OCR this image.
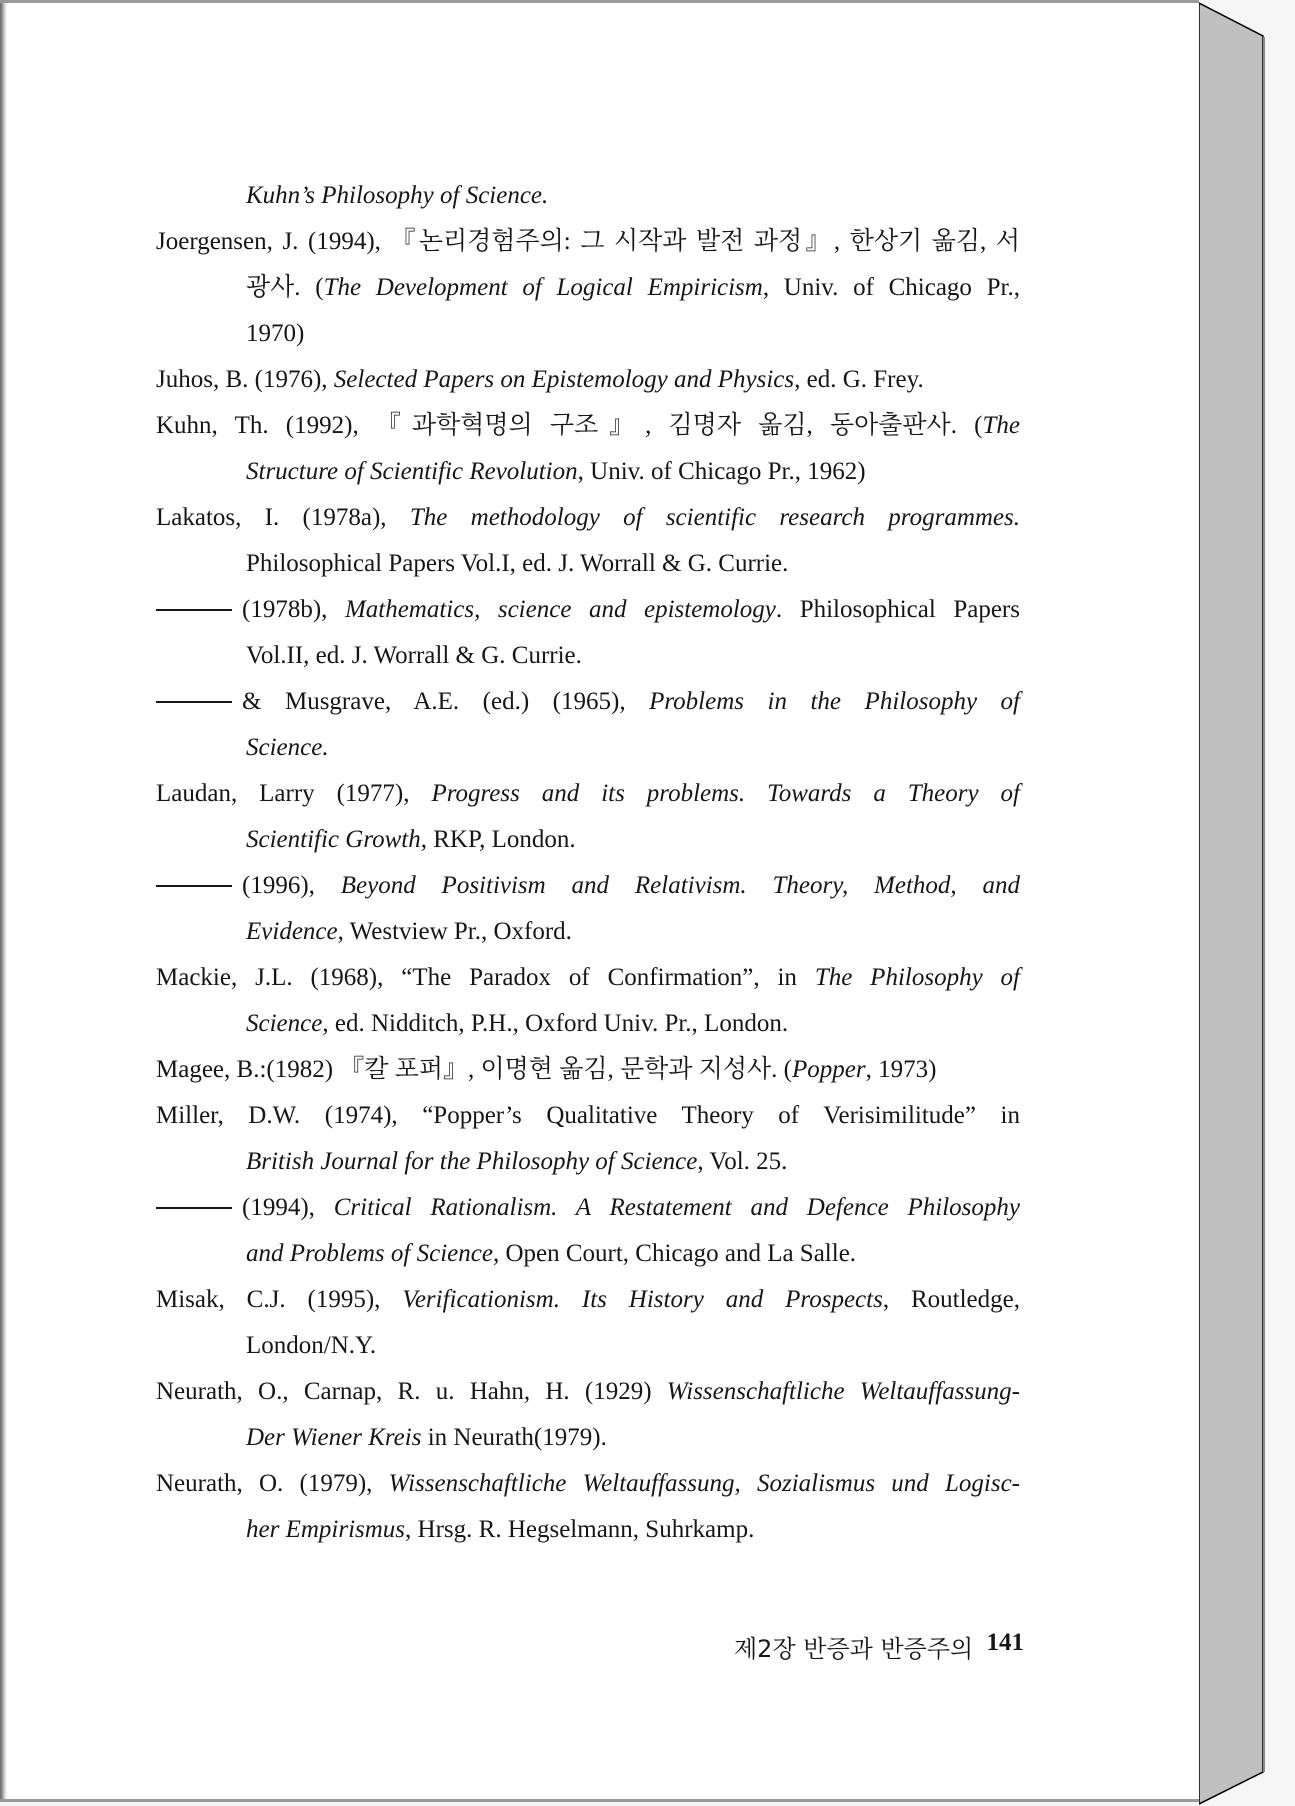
Kuhn’s Philosophy of Science.
Joergensen, J. (1994), 『논리경험주의: 그 시작과 발전 과정』, 한상기 옮김, 서
광사. (The Development of Logical Empiricism, Univ. of Chicago Pr.,
1970)
Juhos, B. (1976), Selected Papers on Epistemology and Physics, ed. G. Frey.
Kuhn, Th. (1992), 『과학혁명의 구조』, 김명자 옮김, 동아출판사. (The
Structure of Scientific Revolution, Univ. of Chicago Pr., 1962)
Lakatos, I. (1978a), The methodology of scientific research programmes.
Philosophical Papers Vol.I, ed. J. Worrall & G. Currie.
(1978b), Mathematics, science and epistemology. Philosophical Papers
Vol.II, ed. J. Worrall & G. Currie.
& Musgrave, A.E. (ed.) (1965), Problems in the Philosophy of
Science.
Laudan, Larry (1977), Progress and its problems. Towards a Theory of
Scientific Growth, RKP, London.
(1996), Beyond Positivism and Relativism. Theory, Method, and
Evidence, Westview Pr., Oxford.
Mackie, J.L. (1968), “The Paradox of Confirmation”, in The Philosophy of
Science, ed. Nidditch, P.H., Oxford Univ. Pr., London.
Magee, B.:(1982) 『칼 포퍼』, 이명현 옮김, 문학과 지성사. (Popper, 1973)
Miller, D.W. (1974), “Popper’s Qualitative Theory of Verisimilitude” in
British Journal for the Philosophy of Science, Vol. 25.
(1994), Critical Rationalism. A Restatement and Defence Philosophy
and Problems of Science, Open Court, Chicago and La Salle.
Misak, C.J. (1995), Verificationism. Its History and Prospects, Routledge,
London/N.Y.
Neurath, O., Carnap, R. u. Hahn, H. (1929) Wissenschaftliche Weltauffassung-
Der Wiener Kreis in Neurath(1979).
Neurath, O. (1979), Wissenschaftliche Weltauffassung, Sozialismus und Logisc-
her Empirismus, Hrsg. R. Hegselmann, Suhrkamp.
제2장 반증과 반증주의 141
